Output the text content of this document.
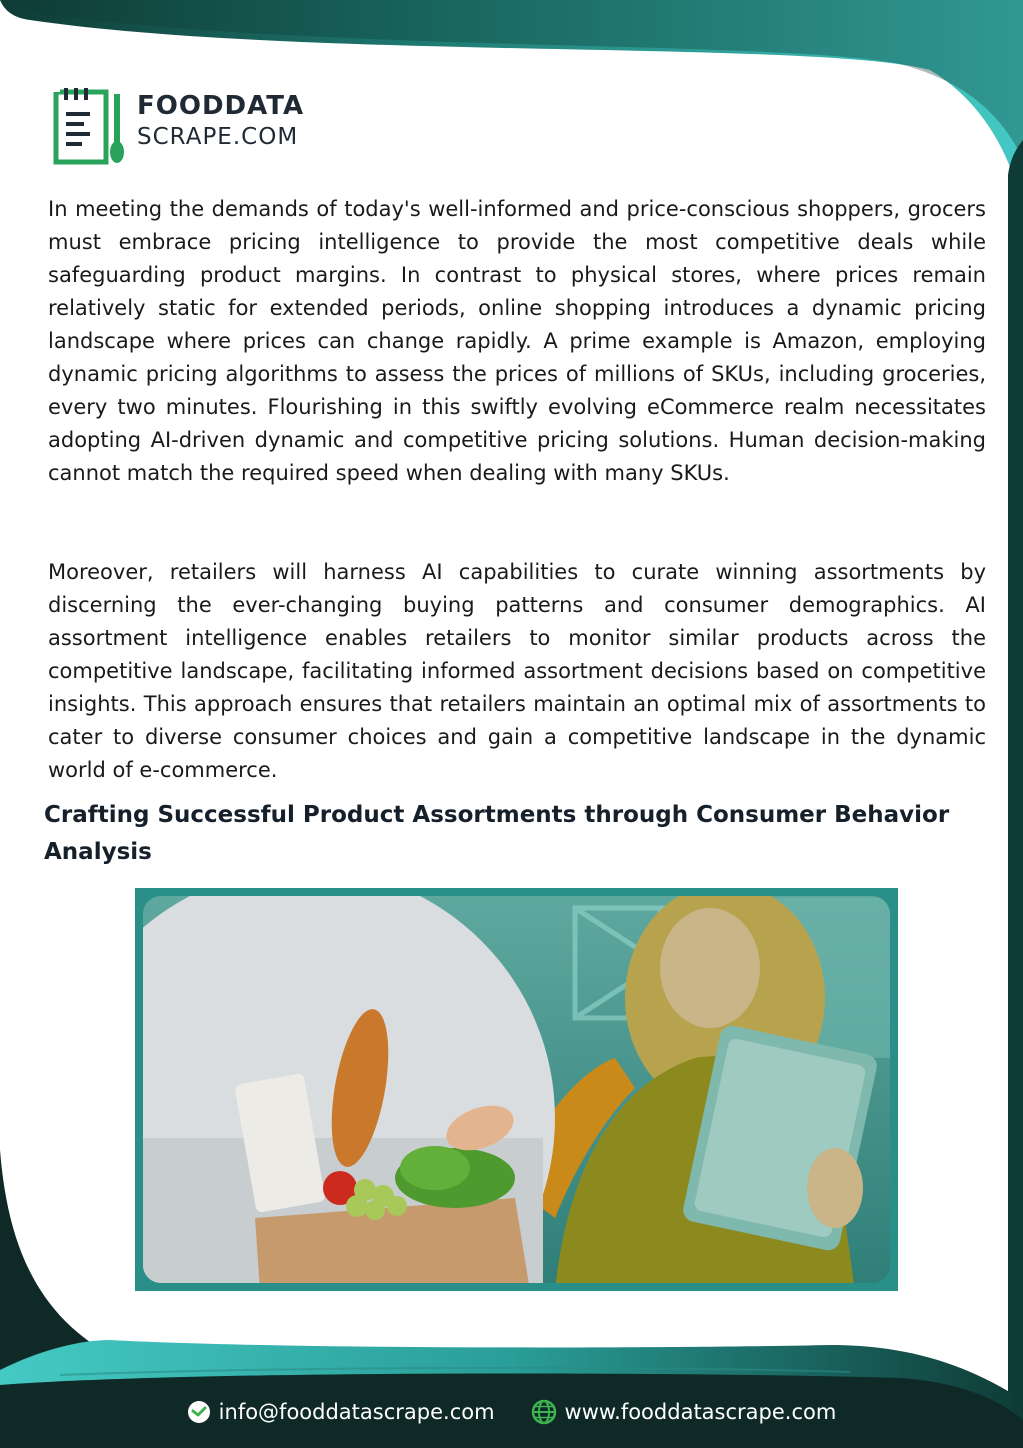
FOODDATA
SCRAPE.COM

In meeting the demands of today's well-informed and price-conscious shoppers, grocers must embrace pricing intelligence to provide the most competitive deals while safeguarding product margins. In contrast to physical stores, where prices remain relatively static for extended periods, online shopping introduces a dynamic pricing landscape where prices can change rapidly. A prime example is Amazon, employing dynamic pricing algorithms to assess the prices of millions of SKUs, including groceries, every two minutes. Flourishing in this swiftly evolving eCommerce realm necessitates adopting AI-driven dynamic and competitive pricing solutions. Human decision-making cannot match the required speed when dealing with many SKUs.

Moreover, retailers will harness AI capabilities to curate winning assortments by discerning the ever-changing buying patterns and consumer demographics. AI assortment intelligence enables retailers to monitor similar products across the competitive landscape, facilitating informed assortment decisions based on competitive insights. This approach ensures that retailers maintain an optimal mix of assortments to cater to diverse consumer choices and gain a competitive landscape in the dynamic world of e-commerce.

Crafting Successful Product Assortments through Consumer Behavior Analysis
info@fooddatascrape.com	www.fooddatascrape.com
